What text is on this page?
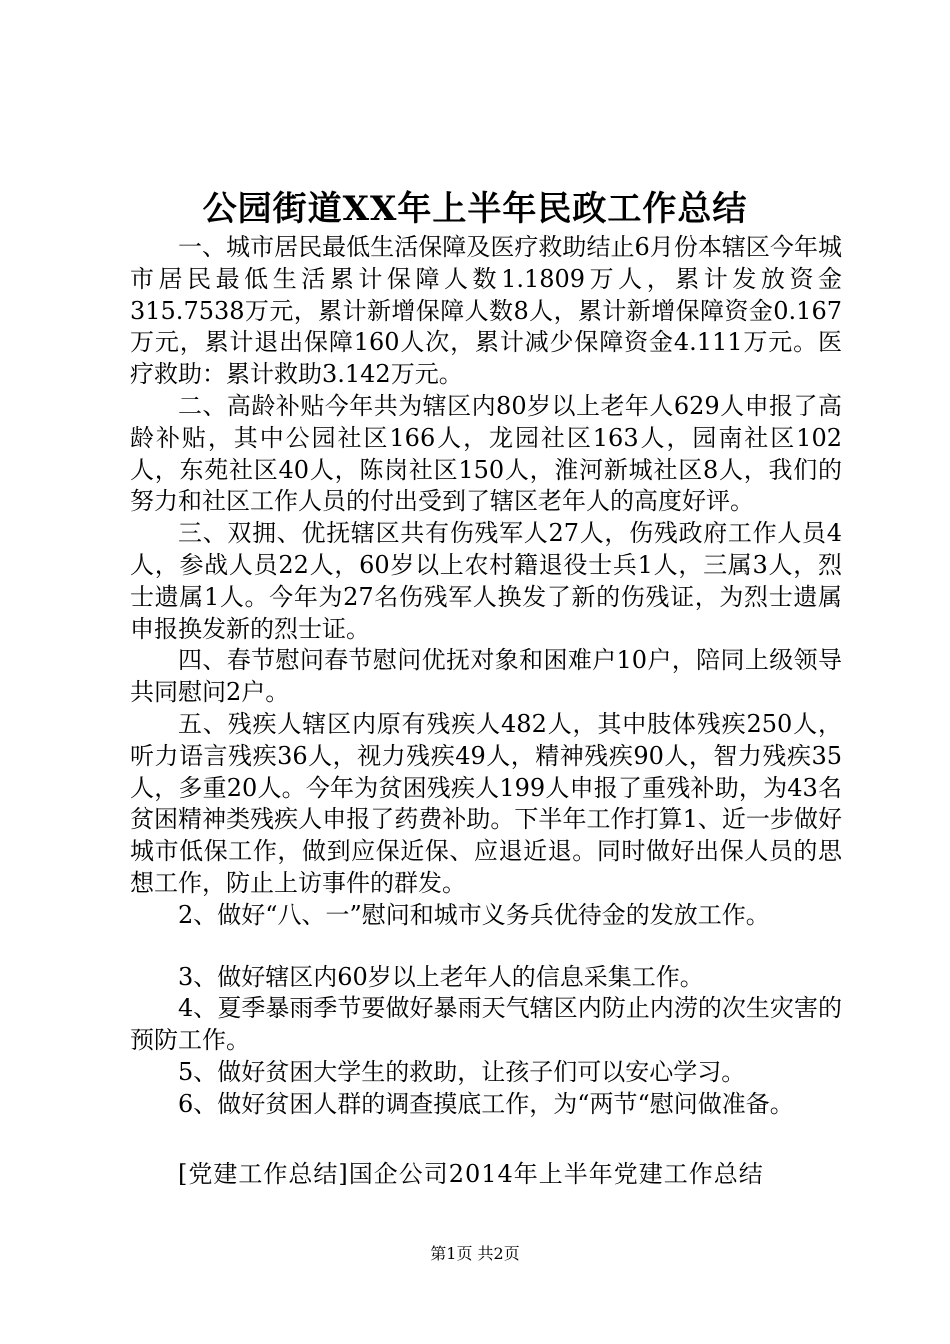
公园街道XX年上半年民政工作总结

一、城市居民最低生活保障及医疗救助结止6月份本辖区今年城市居民最低生活累计保障人数1.1809万人，累计发放资金315.7538万元，累计新增保障人数8人，累计新增保障资金0.167万元，累计退出保障160人次，累计减少保障资金4.111万元。医疗救助：累计救助3.142万元。

二、高龄补贴今年共为辖区内80岁以上老年人629人申报了高龄补贴，其中公园社区166人，龙园社区163人，园南社区102人，东苑社区40人，陈岗社区150人，淮河新城社区8人，我们的努力和社区工作人员的付出受到了辖区老年人的高度好评。

三、双拥、优抚辖区共有伤残军人27人，伤残政府工作人员4人，参战人员22人，60岁以上农村籍退役士兵1人，三属3人，烈士遗属1人。今年为27名伤残军人换发了新的伤残证，为烈士遗属申报换发新的烈士证。

四、春节慰问春节慰问优抚对象和困难户10户，陪同上级领导共同慰问2户。

五、残疾人辖区内原有残疾人482人，其中肢体残疾250人，听力语言残疾36人，视力残疾49人，精神残疾90人，智力残疾35人，多重20人。今年为贫困残疾人199人申报了重残补助，为43名贫困精神类残疾人申报了药费补助。下半年工作打算1、近一步做好城市低保工作，做到应保近保、应退近退。同时做好出保人员的思想工作，防止上访事件的群发。

2、做好“八、一”慰问和城市义务兵优待金的发放工作。

3、做好辖区内60岁以上老年人的信息采集工作。

4、夏季暴雨季节要做好暴雨天气辖区内防止内涝的次生灾害的预防工作。

5、做好贫困大学生的救助，让孩子们可以安心学习。

6、做好贫困人群的调查摸底工作，为“两节“慰问做准备。

[党建工作总结]国企公司2014年上半年党建工作总结

第1页 共2页
